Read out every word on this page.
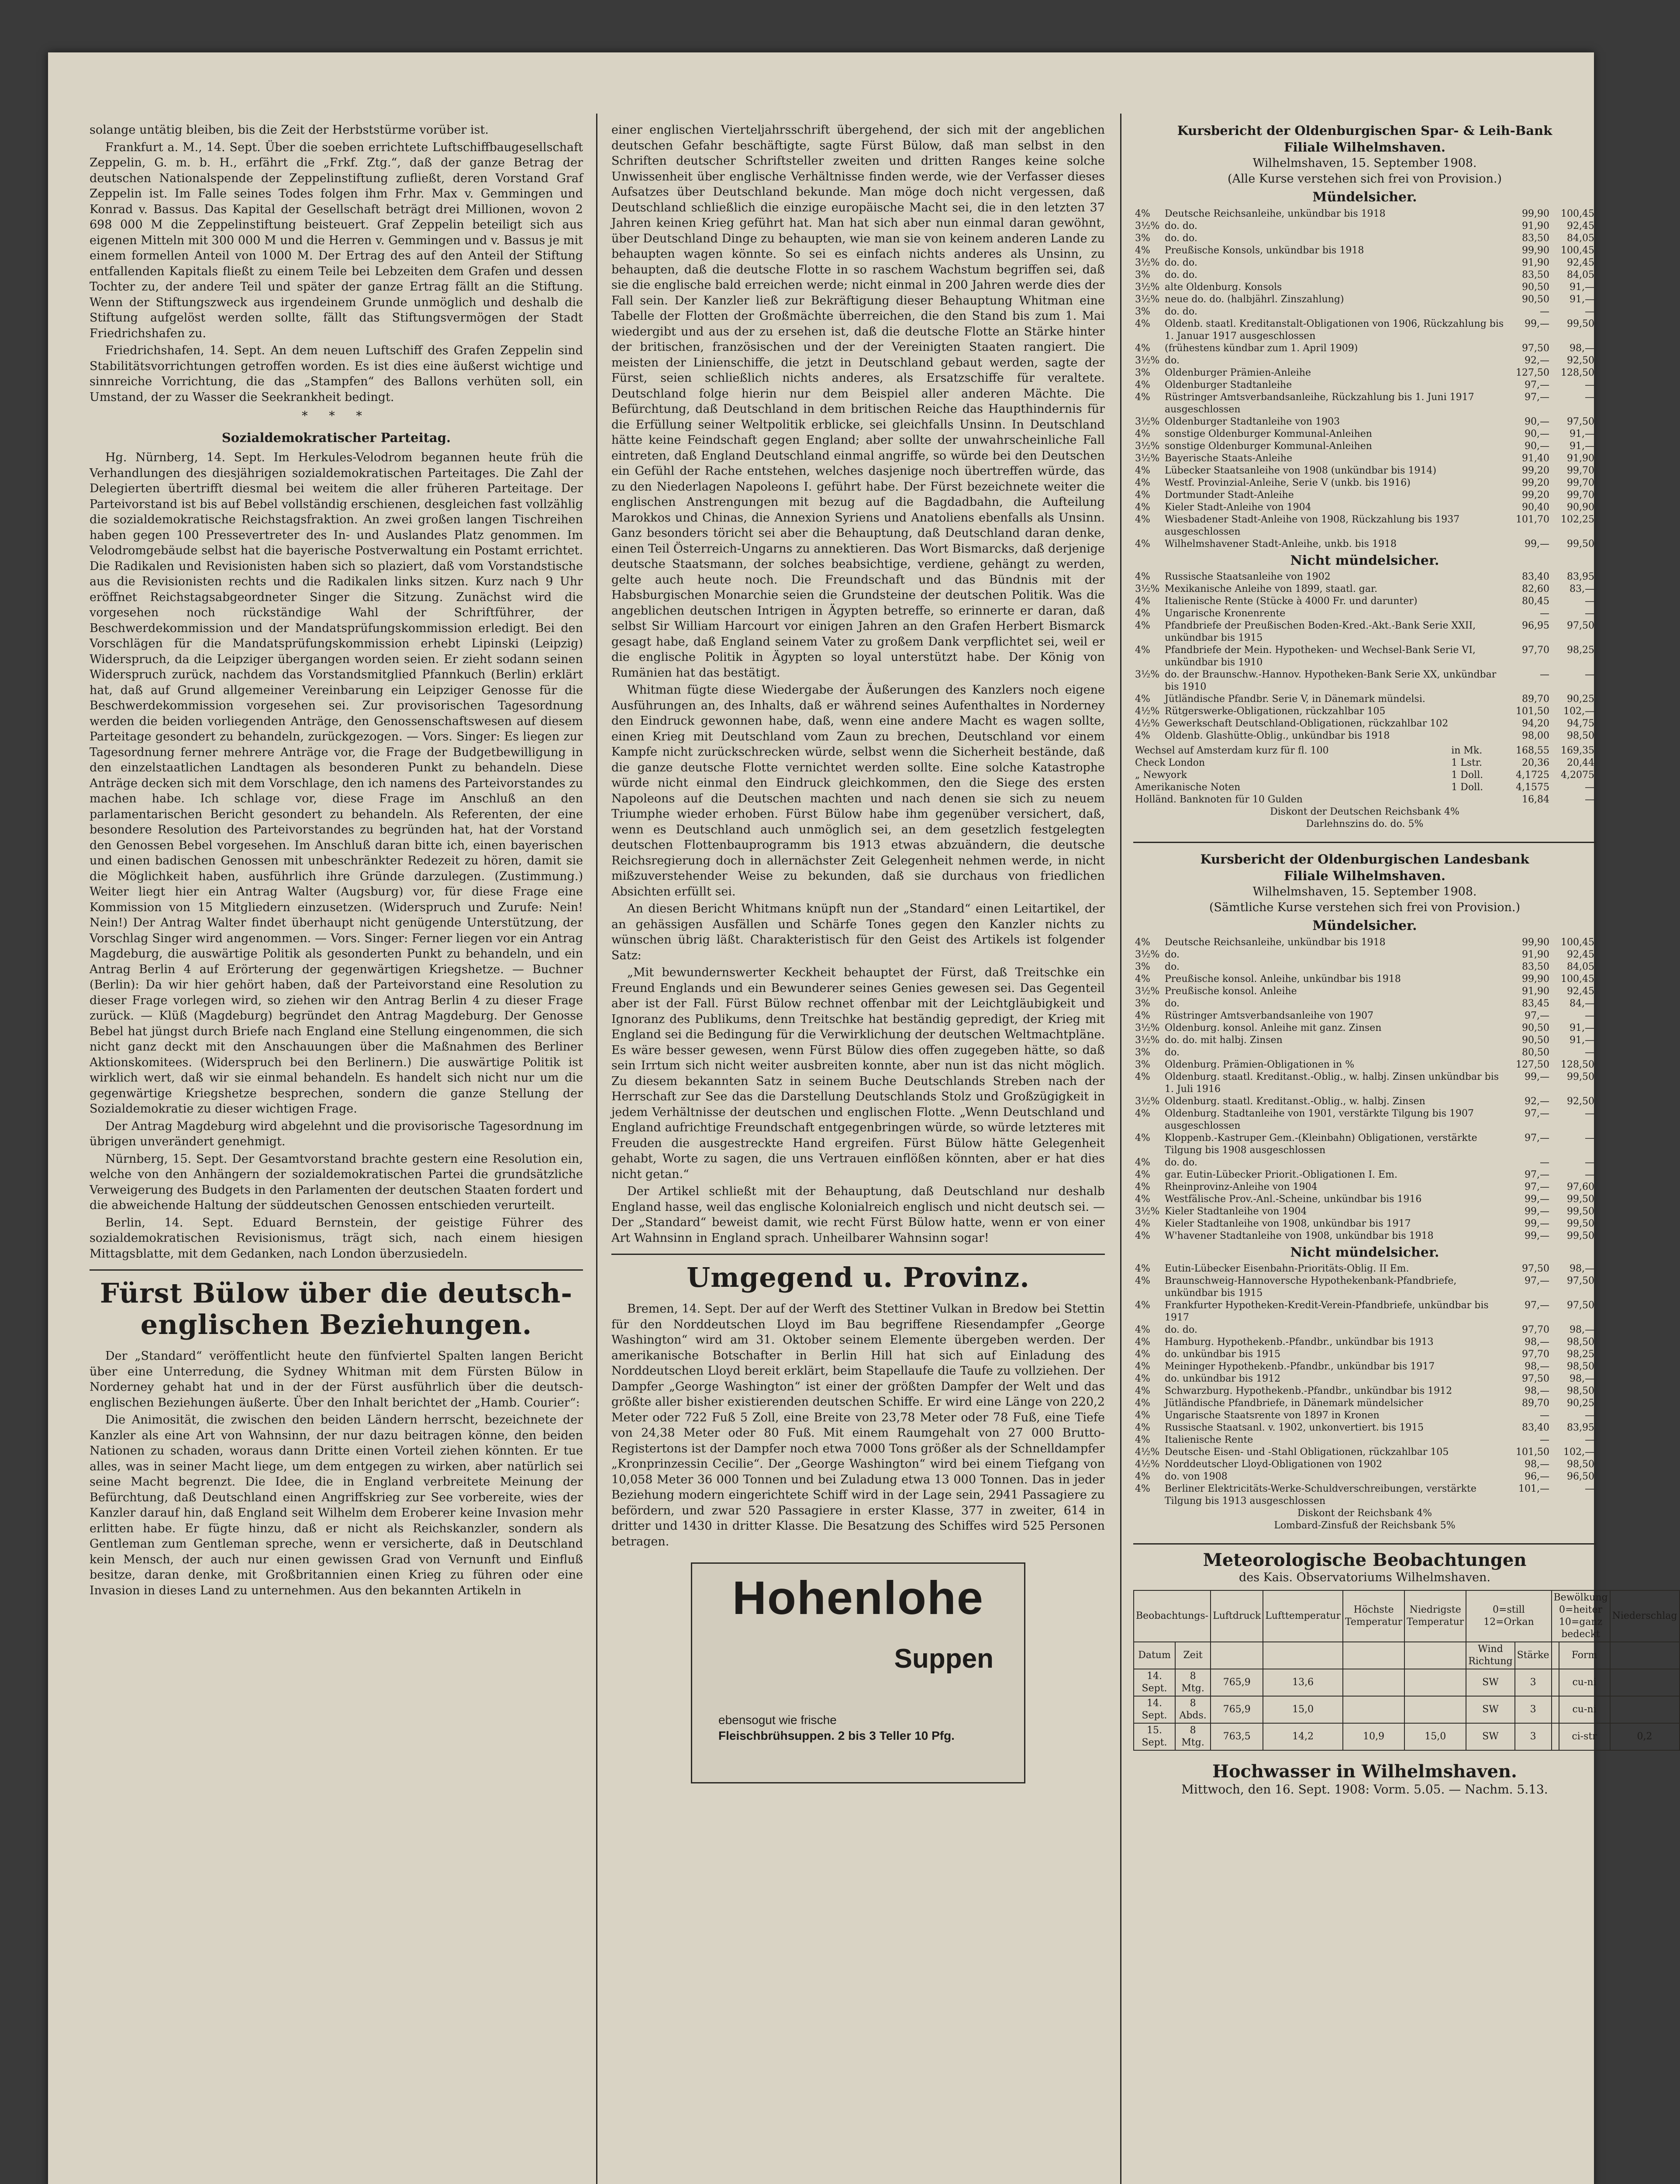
solange untätig bleiben, bis die Zeit der Herbststürme vorüber ist.

Frankfurt a. M., 14. Sept. Über die soeben errichtete Luftschiffbaugesellschaft Zeppelin, G. m. b. H., erfährt die „Frkf. Ztg.“, daß der ganze Betrag der deutschen Nationalspende der Zeppelinstiftung zufließt, deren Vorstand Graf Zeppelin ist. Im Falle seines Todes folgen ihm Frhr. Max v. Gemmingen und Konrad v. Bassus. Das Kapital der Gesellschaft beträgt drei Millionen, wovon 2 698 000 M die Zeppelinstiftung beisteuert. Graf Zeppelin beteiligt sich aus eigenen Mitteln mit 300 000 M und die Herren v. Gemmingen und v. Bassus je mit einem formellen Anteil von 1000 M. Der Ertrag des auf den Anteil der Stiftung entfallenden Kapitals fließt zu einem Teile bei Lebzeiten dem Grafen und dessen Tochter zu, der andere Teil und später der ganze Ertrag fällt an die Stiftung. Wenn der Stiftungszweck aus irgendeinem Grunde unmöglich und deshalb die Stiftung aufgelöst werden sollte, fällt das Stiftungsvermögen der Stadt Friedrichshafen zu.

Friedrichshafen, 14. Sept. An dem neuen Luftschiff des Grafen Zeppelin sind Stabilitätsvorrichtungen getroffen worden. Es ist dies eine äußerst wichtige und sinnreiche Vorrichtung, die das „Stampfen“ des Ballons verhüten soll, ein Umstand, der zu Wasser die Seekrankheit bedingt.

* * *
Sozialdemokratischer Parteitag.

Hg. Nürnberg, 14. Sept. Im Herkules-Velodrom begannen heute früh die Verhandlungen des diesjährigen sozialdemokratischen Parteitages. Die Zahl der Delegierten übertrifft diesmal bei weitem die aller früheren Parteitage. Der Parteivorstand ist bis auf Bebel vollständig erschienen, desgleichen fast vollzählig die sozialdemokratische Reichstagsfraktion. An zwei großen langen Tischreihen haben gegen 100 Pressevertreter des In- und Auslandes Platz genommen. Im Velodromgebäude selbst hat die bayerische Postverwaltung ein Postamt errichtet. Die Radikalen und Revisionisten haben sich so plaziert, daß vom Vorstandstische aus die Revisionisten rechts und die Radikalen links sitzen. Kurz nach 9 Uhr eröffnet Reichstagsabgeordneter Singer die Sitzung. Zunächst wird die vorgesehen noch rückständige Wahl der Schriftführer, der Beschwerdekommission und der Mandatsprüfungskommission erledigt. Bei den Vorschlägen für die Mandatsprüfungskommission erhebt Lipinski (Leipzig) Widerspruch, da die Leipziger übergangen worden seien. Er zieht sodann seinen Widerspruch zurück, nachdem das Vorstandsmitglied Pfannkuch (Berlin) erklärt hat, daß auf Grund allgemeiner Vereinbarung ein Leipziger Genosse für die Beschwerdekommission vorgesehen sei. Zur provisorischen Tagesordnung werden die beiden vorliegenden Anträge, den Genossenschaftswesen auf diesem Parteitage gesondert zu behandeln, zurückgezogen. — Vors. Singer: Es liegen zur Tagesordnung ferner mehrere Anträge vor, die Frage der Budgetbewilligung in den einzelstaatlichen Landtagen als besonderen Punkt zu behandeln. Diese Anträge decken sich mit dem Vorschlage, den ich namens des Parteivorstandes zu machen habe. Ich schlage vor, diese Frage im Anschluß an den parlamentarischen Bericht gesondert zu behandeln. Als Referenten, der eine besondere Resolution des Parteivorstandes zu begründen hat, hat der Vorstand den Genossen Bebel vorgesehen. Im Anschluß daran bitte ich, einen bayerischen und einen badischen Genossen mit unbeschränkter Redezeit zu hören, damit sie die Möglichkeit haben, ausführlich ihre Gründe darzulegen. (Zustimmung.) Weiter liegt hier ein Antrag Walter (Augsburg) vor, für diese Frage eine Kommission von 15 Mitgliedern einzusetzen. (Widerspruch und Zurufe: Nein! Nein!) Der Antrag Walter findet überhaupt nicht genügende Unterstützung, der Vorschlag Singer wird angenommen. — Vors. Singer: Ferner liegen vor ein Antrag Magdeburg, die auswärtige Politik als gesonderten Punkt zu behandeln, und ein Antrag Berlin 4 auf Erörterung der gegenwärtigen Kriegshetze. — Buchner (Berlin): Da wir hier gehört haben, daß der Parteivorstand eine Resolution zu dieser Frage vorlegen wird, so ziehen wir den Antrag Berlin 4 zu dieser Frage zurück. — Klüß (Magdeburg) begründet den Antrag Magdeburg. Der Genosse Bebel hat jüngst durch Briefe nach England eine Stellung eingenommen, die sich nicht ganz deckt mit den Anschauungen über die Maßnahmen des Berliner Aktionskomitees. (Widerspruch bei den Berlinern.) Die auswärtige Politik ist wirklich wert, daß wir sie einmal behandeln. Es handelt sich nicht nur um die gegenwärtige Kriegshetze besprechen, sondern die ganze Stellung der Sozialdemokratie zu dieser wichtigen Frage.

Der Antrag Magdeburg wird abgelehnt und die provisorische Tagesordnung im übrigen unverändert genehmigt.

Nürnberg, 15. Sept. Der Gesamtvorstand brachte gestern eine Resolution ein, welche von den Anhängern der sozialdemokratischen Partei die grundsätzliche Verweigerung des Budgets in den Parlamenten der deutschen Staaten fordert und die abweichende Haltung der süddeutschen Genossen entschieden verurteilt.

Berlin, 14. Sept. Eduard Bernstein, der geistige Führer des sozialdemokratischen Revisionismus, trägt sich, nach einem hiesigen Mittagsblatte, mit dem Gedanken, nach London überzusiedeln.

Fürst Bülow über die deutsch-englischen Beziehungen.

Der „Standard“ veröffentlicht heute den fünfviertel Spalten langen Bericht über eine Unterredung, die Sydney Whitman mit dem Fürsten Bülow in Norderney gehabt hat und in der der Fürst ausführlich über die deutsch-englischen Beziehungen äußerte. Über den Inhalt berichtet der „Hamb. Courier“:

Die Animosität, die zwischen den beiden Ländern herrscht, bezeichnete der Kanzler als eine Art von Wahnsinn, der nur dazu beitragen könne, den beiden Nationen zu schaden, woraus dann Dritte einen Vorteil ziehen könnten. Er tue alles, was in seiner Macht liege, um dem entgegen zu wirken, aber natürlich sei seine Macht begrenzt. Die Idee, die in England verbreitete Meinung der Befürchtung, daß Deutschland einen Angriffskrieg zur See vorbereite, wies der Kanzler darauf hin, daß England seit Wilhelm dem Eroberer keine Invasion mehr erlitten habe. Er fügte hinzu, daß er nicht als Reichskanzler, sondern als Gentleman zum Gentleman spreche, wenn er versicherte, daß in Deutschland kein Mensch, der auch nur einen gewissen Grad von Vernunft und Einfluß besitze, daran denke, mit Großbritannien einen Krieg zu führen oder eine Invasion in dieses Land zu unternehmen. Aus den bekannten Artikeln in

einer englischen Vierteljahrsschrift übergehend, der sich mit der angeblichen deutschen Gefahr beschäftigte, sagte Fürst Bülow, daß man selbst in den Schriften deutscher Schriftsteller zweiten und dritten Ranges keine solche Unwissenheit über englische Verhältnisse finden werde, wie der Verfasser dieses Aufsatzes über Deutschland bekunde. Man möge doch nicht vergessen, daß Deutschland schließlich die einzige europäische Macht sei, die in den letzten 37 Jahren keinen Krieg geführt hat. Man hat sich aber nun einmal daran gewöhnt, über Deutschland Dinge zu behaupten, wie man sie von keinem anderen Lande zu behaupten wagen könnte. So sei es einfach nichts anderes als Unsinn, zu behaupten, daß die deutsche Flotte in so raschem Wachstum begriffen sei, daß sie die englische bald erreichen werde; nicht einmal in 200 Jahren werde dies der Fall sein. Der Kanzler ließ zur Bekräftigung dieser Behauptung Whitman eine Tabelle der Flotten der Großmächte überreichen, die den Stand bis zum 1. Mai wiedergibt und aus der zu ersehen ist, daß die deutsche Flotte an Stärke hinter der britischen, französischen und der der Vereinigten Staaten rangiert. Die meisten der Linienschiffe, die jetzt in Deutschland gebaut werden, sagte der Fürst, seien schließlich nichts anderes, als Ersatzschiffe für veraltete. Deutschland folge hierin nur dem Beispiel aller anderen Mächte. Die Befürchtung, daß Deutschland in dem britischen Reiche das Haupthindernis für die Erfüllung seiner Weltpolitik erblicke, sei gleichfalls Unsinn. In Deutschland hätte keine Feindschaft gegen England; aber sollte der unwahrscheinliche Fall eintreten, daß England Deutschland einmal angriffe, so würde bei den Deutschen ein Gefühl der Rache entstehen, welches dasjenige noch übertreffen würde, das zu den Niederlagen Napoleons I. geführt habe. Der Fürst bezeichnete weiter die englischen Anstrengungen mit bezug auf die Bagdadbahn, die Aufteilung Marokkos und Chinas, die Annexion Syriens und Anatoliens ebenfalls als Unsinn. Ganz besonders töricht sei aber die Behauptung, daß Deutschland daran denke, einen Teil Österreich-Ungarns zu annektieren. Das Wort Bismarcks, daß derjenige deutsche Staatsmann, der solches beabsichtige, verdiene, gehängt zu werden, gelte auch heute noch. Die Freundschaft und das Bündnis mit der Habsburgischen Monarchie seien die Grundsteine der deutschen Politik. Was die angeblichen deutschen Intrigen in Ägypten betreffe, so erinnerte er daran, daß selbst Sir William Harcourt vor einigen Jahren an den Grafen Herbert Bismarck gesagt habe, daß England seinem Vater zu großem Dank verpflichtet sei, weil er die englische Politik in Ägypten so loyal unterstützt habe. Der König von Rumänien hat das bestätigt.

Whitman fügte diese Wiedergabe der Äußerungen des Kanzlers noch eigene Ausführungen an, des Inhalts, daß er während seines Aufenthaltes in Norderney den Eindruck gewonnen habe, daß, wenn eine andere Macht es wagen sollte, einen Krieg mit Deutschland vom Zaun zu brechen, Deutschland vor einem Kampfe nicht zurückschrecken würde, selbst wenn die Sicherheit bestände, daß die ganze deutsche Flotte vernichtet werden sollte. Eine solche Katastrophe würde nicht einmal den Eindruck gleichkommen, den die Siege des ersten Napoleons auf die Deutschen machten und nach denen sie sich zu neuem Triumphe wieder erhoben. Fürst Bülow habe ihm gegenüber versichert, daß, wenn es Deutschland auch unmöglich sei, an dem gesetzlich festgelegten deutschen Flottenbauprogramm bis 1913 etwas abzuändern, die deutsche Reichsregierung doch in allernächster Zeit Gelegenheit nehmen werde, in nicht mißzuverstehender Weise zu bekunden, daß sie durchaus von friedlichen Absichten erfüllt sei.

An diesen Bericht Whitmans knüpft nun der „Standard“ einen Leitartikel, der an gehässigen Ausfällen und Schärfe Tones gegen den Kanzler nichts zu wünschen übrig läßt. Charakteristisch für den Geist des Artikels ist folgender Satz:

„Mit bewundernswerter Keckheit behauptet der Fürst, daß Treitschke ein Freund Englands und ein Bewunderer seines Genies gewesen sei. Das Gegenteil aber ist der Fall. Fürst Bülow rechnet offenbar mit der Leichtgläubigkeit und Ignoranz des Publikums, denn Treitschke hat beständig gepredigt, der Krieg mit England sei die Bedingung für die Verwirklichung der deutschen Weltmachtpläne. Es wäre besser gewesen, wenn Fürst Bülow dies offen zugegeben hätte, so daß sein Irrtum sich nicht weiter ausbreiten konnte, aber nun ist das nicht möglich. Zu diesem bekannten Satz in seinem Buche Deutschlands Streben nach der Herrschaft zur See das die Darstellung Deutschlands Stolz und Großzügigkeit in jedem Verhältnisse der deutschen und englischen Flotte. „Wenn Deutschland und England aufrichtige Freundschaft entgegenbringen würde, so würde letzteres mit Freuden die ausgestreckte Hand ergreifen. Fürst Bülow hätte Gelegenheit gehabt, Worte zu sagen, die uns Vertrauen einflößen könnten, aber er hat dies nicht getan.“

Der Artikel schließt mit der Behauptung, daß Deutschland nur deshalb England hasse, weil das englische Kolonialreich englisch und nicht deutsch sei. — Der „Standard“ beweist damit, wie recht Fürst Bülow hatte, wenn er von einer Art Wahnsinn in England sprach. Unheilbarer Wahnsinn sogar!

Umgegend u. Provinz.

Bremen, 14. Sept. Der auf der Werft des Stettiner Vulkan in Bredow bei Stettin für den Norddeutschen Lloyd im Bau begriffene Riesendampfer „George Washington“ wird am 31. Oktober seinem Elemente übergeben werden. Der amerikanische Botschafter in Berlin Hill hat sich auf Einladung des Norddeutschen Lloyd bereit erklärt, beim Stapellaufe die Taufe zu vollziehen. Der Dampfer „George Washington“ ist einer der größten Dampfer der Welt und das größte aller bisher existierenden deutschen Schiffe. Er wird eine Länge von 220,2 Meter oder 722 Fuß 5 Zoll, eine Breite von 23,78 Meter oder 78 Fuß, eine Tiefe von 24,38 Meter oder 80 Fuß. Mit einem Raumgehalt von 27 000 Brutto-Registertons ist der Dampfer noch etwa 7000 Tons größer als der Schnelldampfer „Kronprinzessin Cecilie“. Der „George Washington“ wird bei einem Tiefgang von 10,058 Meter 36 000 Tonnen und bei Zuladung etwa 13 000 Tonnen. Das in jeder Beziehung modern eingerichtete Schiff wird in der Lage sein, 2941 Passagiere zu befördern, und zwar 520 Passagiere in erster Klasse, 377 in zweiter, 614 in dritter und 1430 in dritter Klasse. Die Besatzung des Schiffes wird 525 Personen betragen.

Hohenlohe
Suppen
ebensogut wie frische
Fleischbrühsuppen. 2 bis 3 Teller 10 Pfg.
Kursbericht der Oldenburgischen Spar- & Leih-Bank
Filiale Wilhelmshaven.
Wilhelmshaven, 15. September 1908.
(Alle Kurse verstehen sich frei von Provision.)
Mündelsicher.
4%	Deutsche Reichsanleihe, unkündbar bis 1918	99,90	100,45
3½%	do. do.	91,90	92,45
3%	do. do.	83,50	84,05
4%	Preußische Konsols, unkündbar bis 1918	99,90	100,45
3½%	do. do.	91,90	92,45
3%	do. do.	83,50	84,05
3½%	alte Oldenburg. Konsols	90,50	91,—
3½%	neue do. do. (halbjährl. Zinszahlung)	90,50	91,—
3%	do. do.	—	—
4%	Oldenb. staatl. Kreditanstalt-Obligationen von 1906, Rückzahlung bis 1. Januar 1917 ausgeschlossen	99,—	99,50
4%	(frühestens kündbar zum 1. April 1909)	97,50	98,—
3½%	do.	92,—	92,50
3%	Oldenburger Prämien-Anleihe	127,50	128,50
4%	Oldenburger Stadtanleihe	97,—	—
4%	Rüstringer Amtsverbandsanleihe, Rückzahlung bis 1. Juni 1917 ausgeschlossen	97,—	—
3½%	Oldenburger Stadtanleihe von 1903	90,—	97,50
4%	sonstige Oldenburger Kommunal-Anleihen	90,—	91,—
3½%	sonstige Oldenburger Kommunal-Anleihen	90,—	91,—
3½%	Bayerische Staats-Anleihe	91,40	91,90
4%	Lübecker Staatsanleihe von 1908 (unkündbar bis 1914)	99,20	99,70
4%	Westf. Provinzial-Anleihe, Serie V (unkb. bis 1916)	99,20	99,70
4%	Dortmunder Stadt-Anleihe	99,20	99,70
4%	Kieler Stadt-Anleihe von 1904	90,40	90,90
4%	Wiesbadener Stadt-Anleihe von 1908, Rückzahlung bis 1937 ausgeschlossen	101,70	102,25
4%	Wilhelmshavener Stadt-Anleihe, unkb. bis 1918	99,—	99,50
Nicht mündelsicher.
4%	Russische Staatsanleihe von 1902	83,40	83,95
3½%	Mexikanische Anleihe von 1899, staatl. gar.	82,60	83,—
4%	Italienische Rente (Stücke à 4000 Fr. und darunter)	80,45	—
4%	Ungarische Kronenrente	—	—
4%	Pfandbriefe der Preußischen Boden-Kred.-Akt.-Bank Serie XXII, unkündbar bis 1915	96,95	97,50
4%	Pfandbriefe der Mein. Hypotheken- und Wechsel-Bank Serie VI, unkündbar bis 1910	97,70	98,25
3½%	do. der Braunschw.-Hannov. Hypotheken-Bank Serie XX, unkündbar bis 1910	—	—
4%	Jütländische Pfandbr. Serie V, in Dänemark mündelsi.	89,70	90,25
4½%	Rütgerswerke-Obligationen, rückzahlbar 105	101,50	102,—
4½%	Gewerkschaft Deutschland-Obligationen, rückzahlbar 102	94,20	94,75
4%	Oldenb. Glashütte-Oblig., unkündbar bis 1918	98,00	98,50
Wechsel auf Amsterdam kurz für fl. 100	in Mk.	168,55	169,35
Check London	1 Lstr.	20,36	20,44
„ Newyork	1 Doll.	4,1725	4,2075
Amerikanische Noten	1 Doll.	4,1575	—
Holländ. Banknoten für 10 Gulden		16,84	—
Diskont der Deutschen Reichsbank 4%
Darlehnszins do. do. 5%
Kursbericht der Oldenburgischen Landesbank
Filiale Wilhelmshaven.
Wilhelmshaven, 15. September 1908.
(Sämtliche Kurse verstehen sich frei von Provision.)
Mündelsicher.
4%	Deutsche Reichsanleihe, unkündbar bis 1918	99,90	100,45
3½%	do.	91,90	92,45
3%	do.	83,50	84,05
4%	Preußische konsol. Anleihe, unkündbar bis 1918	99,90	100,45
3½%	Preußische konsol. Anleihe	91,90	92,45
3%	do.	83,45	84,—
4%	Rüstringer Amtsverbandsanleihe von 1907	97,—	—
3½%	Oldenburg. konsol. Anleihe mit ganz. Zinsen	90,50	91,—
3½%	do. do. mit halbj. Zinsen	90,50	91,—
3%	do.	80,50	—
3%	Oldenburg. Prämien-Obligationen in %	127,50	128,50
4%	Oldenburg. staatl. Kreditanst.-Oblig., w. halbj. Zinsen unkündbar bis 1. Juli 1916	99,—	99,50
3½%	Oldenburg. staatl. Kreditanst.-Oblig., w. halbj. Zinsen	92,—	92,50
4%	Oldenburg. Stadtanleihe von 1901, verstärkte Tilgung bis 1907 ausgeschlossen	97,—	—
4%	Kloppenb.-Kastruper Gem.-(Kleinbahn) Obligationen, verstärkte Tilgung bis 1908 ausgeschlossen	97,—	—
4%	do. do.	—	—
4%	gar. Eutin-Lübecker Priorit.-Obligationen I. Em.	97,—	—
4%	Rheinprovinz-Anleihe von 1904	97,—	97,60
4%	Westfälische Prov.-Anl.-Scheine, unkündbar bis 1916	99,—	99,50
3½%	Kieler Stadtanleihe von 1904	99,—	99,50
4%	Kieler Stadtanleihe von 1908, unkündbar bis 1917	99,—	99,50
4%	W'havener Stadtanleihe von 1908, unkündbar bis 1918	99,—	99,50
Nicht mündelsicher.
4%	Eutin-Lübecker Eisenbahn-Prioritäts-Oblig. II Em.	97,50	98,—
4%	Braunschweig-Hannoversche Hypothekenbank-Pfandbriefe, unkündbar bis 1915	97,—	97,50
4%	Frankfurter Hypotheken-Kredit-Verein-Pfandbriefe, unkündbar bis 1917	97,—	97,50
4%	do. do.	97,70	98,—
4%	Hamburg. Hypothekenb.-Pfandbr., unkündbar bis 1913	98,—	98,50
4%	do. unkündbar bis 1915	97,70	98,25
4%	Meininger Hypothekenb.-Pfandbr., unkündbar bis 1917	98,—	98,50
4%	do. unkündbar bis 1912	97,50	98,—
4%	Schwarzburg. Hypothekenb.-Pfandbr., unkündbar bis 1912	98,—	98,50
4%	Jütländische Pfandbriefe, in Dänemark mündelsicher	89,70	90,25
4%	Ungarische Staatsrente von 1897 in Kronen	—	—
4%	Russische Staatsanl. v. 1902, unkonvertiert. bis 1915	83,40	83,95
4%	Italienische Rente	—	—
4½%	Deutsche Eisen- und -Stahl Obligationen, rückzahlbar 105	101,50	102,—
4½%	Norddeutscher Lloyd-Obligationen von 1902	98,—	98,50
4%	do. von 1908	96,—	96,50
4%	Berliner Elektricitäts-Werke-Schuldverschreibungen, verstärkte Tilgung bis 1913 ausgeschlossen	101,—	—
Diskont der Reichsbank 4%
Lombard-Zinsfuß der Reichsbank 5%
Meteorologische Beobachtungen
des Kais. Observatoriums Wilhelmshaven.
Beobachtungs-		Luftdruck	Lufttemperatur	Höchste Temperatur	Niedrigste Temperatur	0=still 12=Orkan		Bewölkung 0=heiter 10=ganz bedeckt		Niederschlag
Datum	Zeit					Wind Richtung	Stärke		Form	
14. Sept.	8 Mtg.	765,9	13,6			SW	3		cu-ni	
14. Sept.	8 Abds.	765,9	15,0			SW	3		cu-ni	
15. Sept.	8 Mtg.	763,5	14,2	10,9	15,0	SW	3		ci-str	0,2
Hochwasser in Wilhelmshaven.
Mittwoch, den 16. Sept. 1908: Vorm. 5.05. — Nachm. 5.13.
